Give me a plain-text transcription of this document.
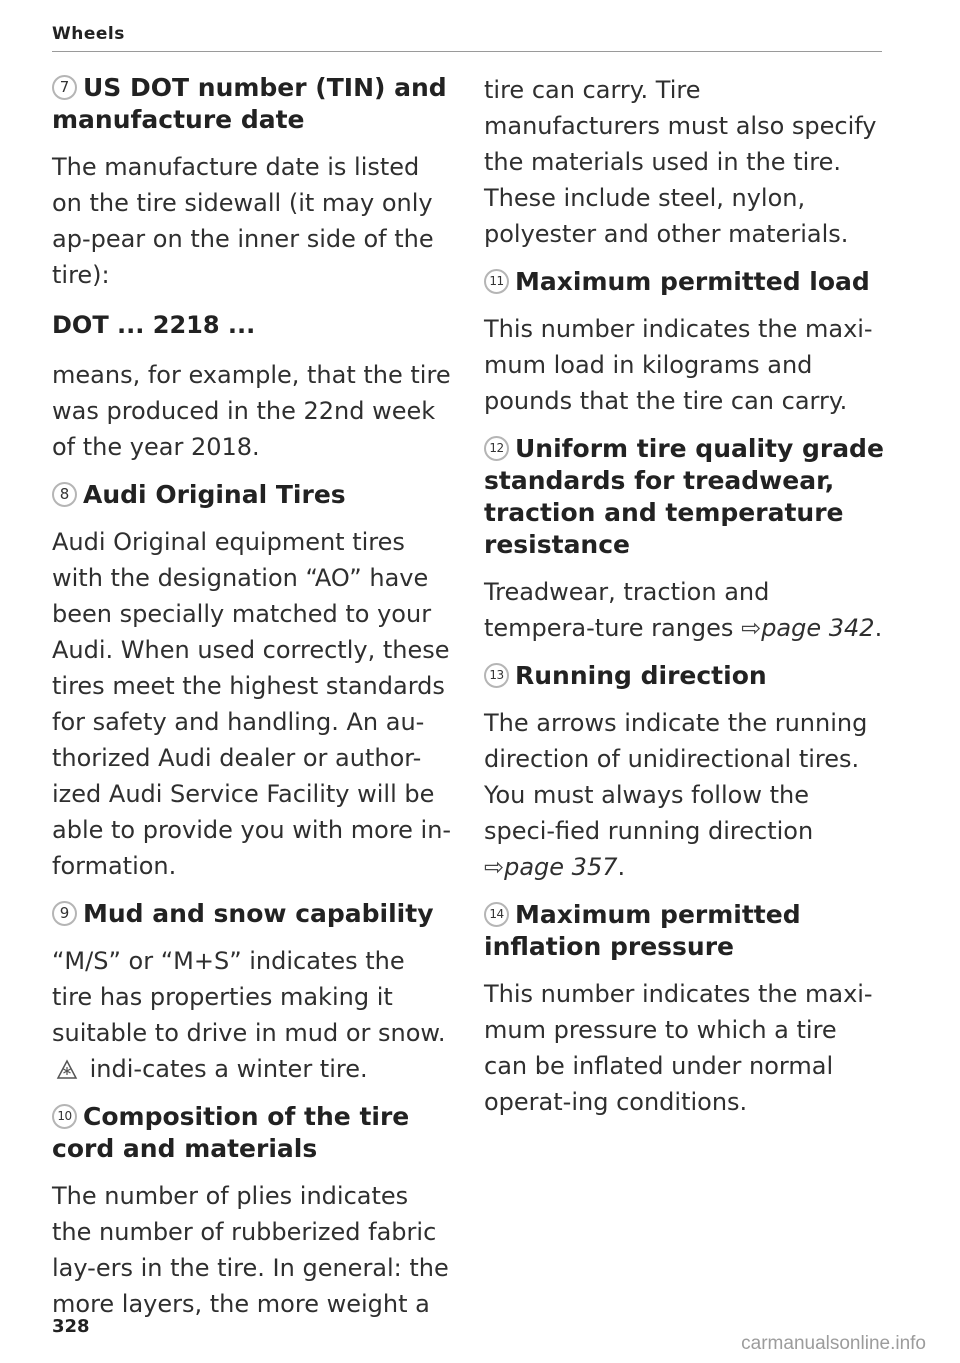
Wheels
7 US DOT number (TIN) and manufacture date

The manufacture date is listed on the tire sidewall (it may only ap-pear on the inner side of the tire):

DOT ... 2218 ...

means, for example, that the tire was produced in the 22nd week of the year 2018.

8 Audi Original Tires

Audi Original equipment tires with the designation “AO” have been specially matched to your Audi. When used correctly, these tires meet the highest standards for safety and handling. An au-thorized Audi dealer or author-ized Audi Service Facility will be able to provide you with more in-formation.

9 Mud and snow capability

“M/S” or “M+S” indicates the tire has properties making it suitable to drive in mud or snow.  indi-cates a winter tire.

10 Composition of the tire cord and materials

The number of plies indicates the number of rubberized fabric lay-ers in the tire. In general: the more layers, the more weight a

tire can carry. Tire manufacturers must also specify the materials used in the tire. These include steel, nylon, polyester and other materials.

11 Maximum permitted load

This number indicates the maxi-mum load in kilograms and pounds that the tire can carry.

12 Uniform tire quality grade standards for treadwear, traction and temperature resistance

Treadwear, traction and tempera-ture ranges ⇨page 342.

13 Running direction

The arrows indicate the running direction of unidirectional tires. You must always follow the speci-fied running direction ⇨page 357.

14 Maximum permitted inflation pressure

This number indicates the maxi-mum pressure to which a tire can be inflated under normal operat-ing conditions.

328
carmanualsonline.info
